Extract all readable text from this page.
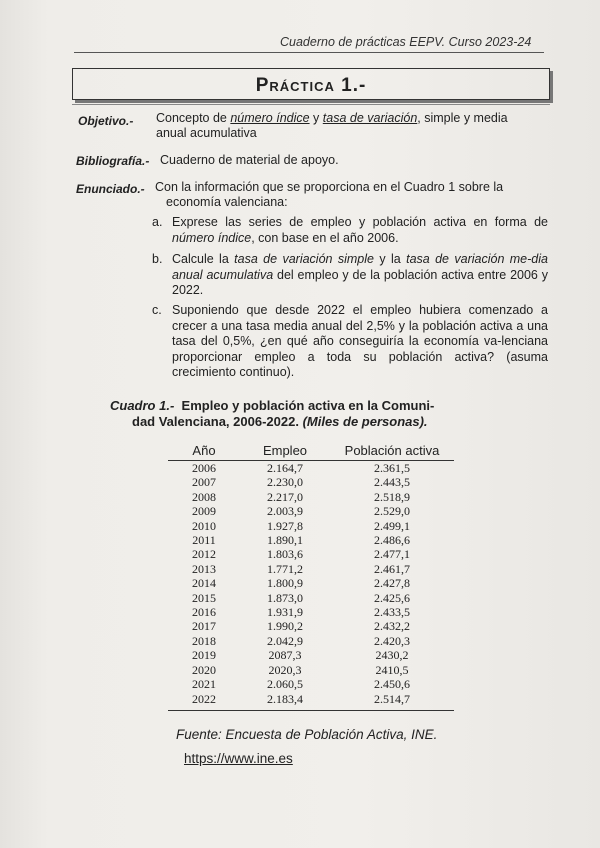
Cuaderno de prácticas EEPV. Curso 2023-24
Práctica 1.-
Objetivo.- Concepto de número índice y tasa de variación, simple y media
anual acumulativa
Bibliografía.- Cuaderno de material de apoyo.
Enunciado.- Con la información que se proporciona en el Cuadro 1 sobre la
economía valenciana:
a. Exprese las series de empleo y población activa en forma de número índice, con base en el año 2006.
b. Calcule la tasa de variación simple y la tasa de variación me-dia anual acumulativa del empleo y de la población activa entre 2006 y 2022.
c. Suponiendo que desde 2022 el empleo hubiera comenzado a crecer a una tasa media anual del 2,5% y la población activa a una tasa del 0,5%, ¿en qué año conseguiría la economía va-lenciana proporcionar empleo a toda su población activa? (asuma crecimiento continuo).
Cuadro 1.- Empleo y población activa en la Comuni-
dad Valenciana, 2006-2022. (Miles de personas).
Año	Empleo	Población activa
2006	2.164,7	2.361,5
2007	2.230,0	2.443,5
2008	2.217,0	2.518,9
2009	2.003,9	2.529,0
2010	1.927,8	2.499,1
2011	1.890,1	2.486,6
2012	1.803,6	2.477,1
2013	1.771,2	2.461,7
2014	1.800,9	2.427,8
2015	1.873,0	2.425,6
2016	1.931,9	2.433,5
2017	1.990,2	2.432,2
2018	2.042,9	2.420,3
2019	2087,3	2430,2
2020	2020,3	2410,5
2021	2.060,5	2.450,6
2022	2.183,4	2.514,7
Fuente: Encuesta de Población Activa, INE.
https://www.ine.es
